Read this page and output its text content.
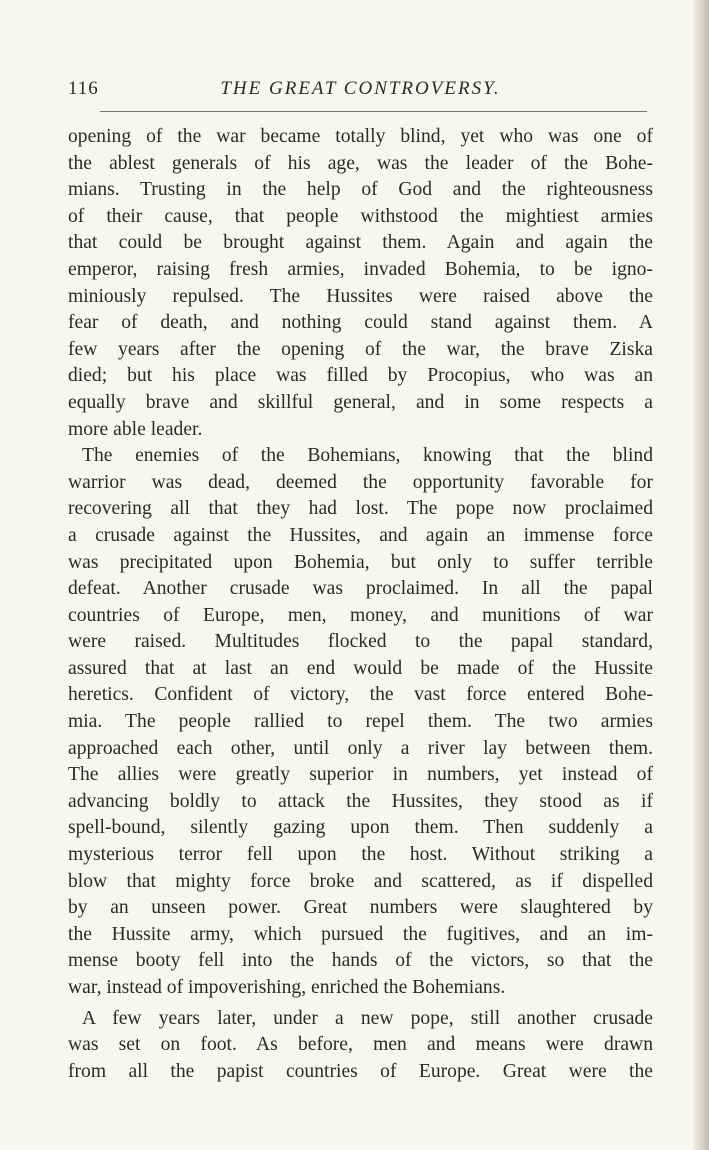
116	THE GREAT CONTROVERSY.

opening of the war became totally blind, yet who was one of
the ablest generals of his age, was the leader of the Bohe-
mians. Trusting in the help of God and the righteousness
of their cause, that people withstood the mightiest armies
that could be brought against them. Again and again the
emperor, raising fresh armies, invaded Bohemia, to be igno-
miniously repulsed. The Hussites were raised above the
fear of death, and nothing could stand against them. A
few years after the opening of the war, the brave Ziska
died; but his place was filled by Procopius, who was an
equally brave and skillful general, and in some respects a
more able leader.

The enemies of the Bohemians, knowing that the blind
warrior was dead, deemed the opportunity favorable for
recovering all that they had lost. The pope now proclaimed
a crusade against the Hussites, and again an immense force
was precipitated upon Bohemia, but only to suffer terrible
defeat. Another crusade was proclaimed. In all the papal
countries of Europe, men, money, and munitions of war
were raised. Multitudes flocked to the papal standard,
assured that at last an end would be made of the Hussite
heretics. Confident of victory, the vast force entered Bohe-
mia. The people rallied to repel them. The two armies
approached each other, until only a river lay between them.
The allies were greatly superior in numbers, yet instead of
advancing boldly to attack the Hussites, they stood as if
spell-bound, silently gazing upon them. Then suddenly a
mysterious terror fell upon the host. Without striking a
blow that mighty force broke and scattered, as if dispelled
by an unseen power. Great numbers were slaughtered by
the Hussite army, which pursued the fugitives, and an im-
mense booty fell into the hands of the victors, so that the
war, instead of impoverishing, enriched the Bohemians.

A few years later, under a new pope, still another crusade
was set on foot. As before, men and means were drawn
from all the papist countries of Europe. Great were the
